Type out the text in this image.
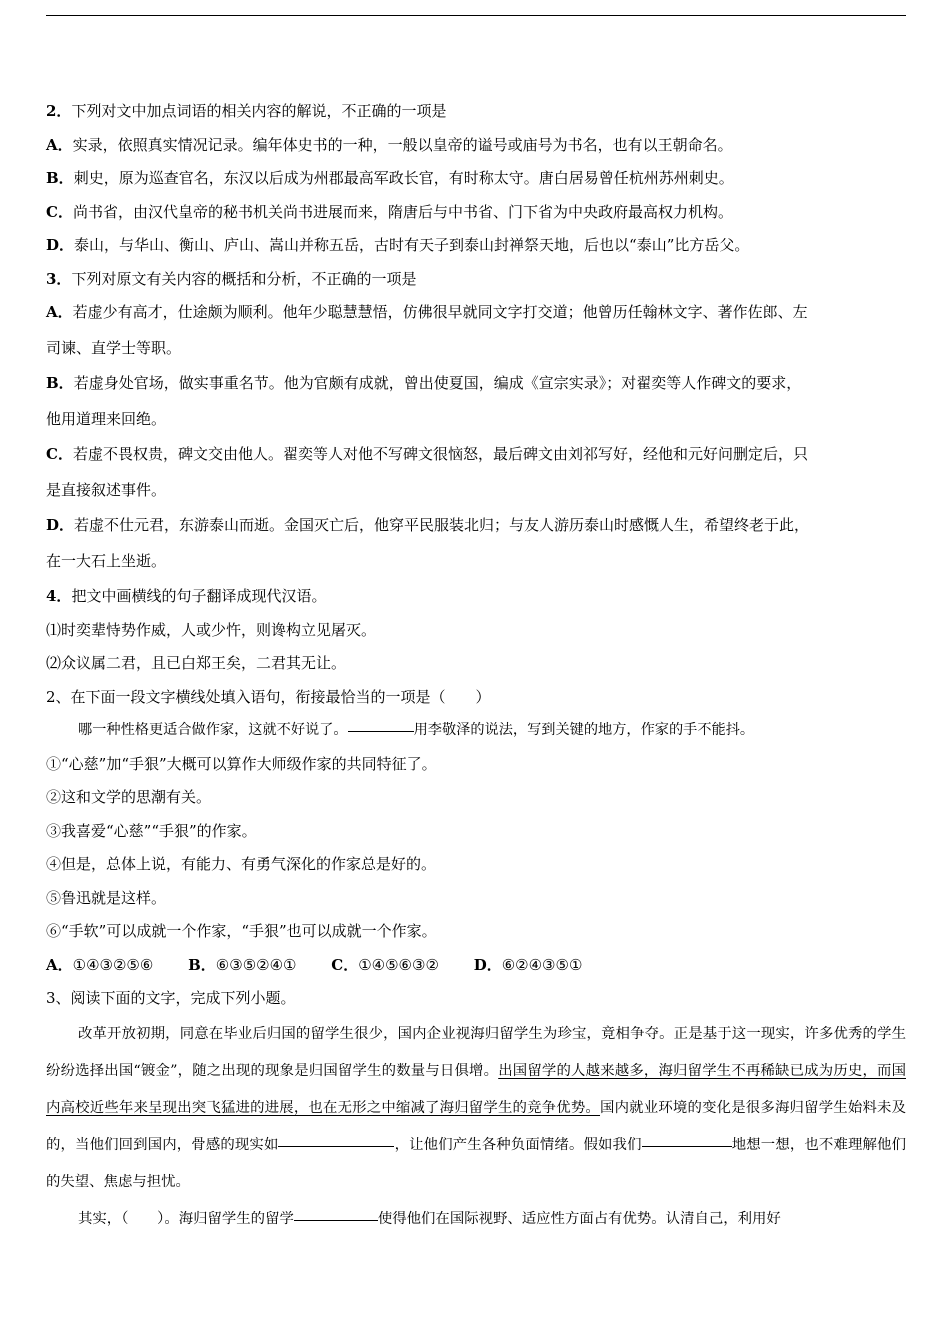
2．下列对文中加点词语的相关内容的解说，不正确的一项是
A．实录，依照真实情况记录。编年体史书的一种，一般以皇帝的谥号或庙号为书名，也有以王朝命名。
B．刺史，原为巡查官名，东汉以后成为州郡最高军政长官，有时称太守。唐白居易曾任杭州苏州刺史。
C．尚书省，由汉代皇帝的秘书机关尚书进展而来，隋唐后与中书省、门下省为中央政府最高权力机构。
D．泰山，与华山、衡山、庐山、嵩山并称五岳，古时有天子到泰山封禅祭天地，后也以“泰山”比方岳父。
3．下列对原文有关内容的概括和分析，不正确的一项是
A．若虚少有高才，仕途颇为顺利。他年少聪慧慧悟，仿佛很早就同文字打交道；他曾历任翰林文字、著作佐郎、左
司谏、直学士等职。
B．若虚身处官场，做实事重名节。他为官颇有成就，曾出使夏国，编成《宣宗实录》；对翟奕等人作碑文的要求，
他用道理来回绝。
C．若虚不畏权贵，碑文交由他人。翟奕等人对他不写碑文很恼怒，最后碑文由刘祁写好，经他和元好问删定后，只
是直接叙述事件。
D．若虚不仕元君，东游泰山而逝。金国灭亡后，他穿平民服装北归；与友人游历泰山时感慨人生，希望终老于此，
在一大石上坐逝。
4．把文中画横线的句子翻译成现代汉语。
⑴时奕辈恃势作威，人或少忤，则谗构立见屠灭。
⑵众议属二君，且已白郑王矣，二君其无让。
2、在下面一段文字横线处填入语句，衔接最恰当的一项是（　　）
哪一种性格更适合做作家，这就不好说了。	用李敬泽的说法，写到关键的地方，作家的手不能抖。
①“心慈”加“手狠”大概可以算作大师级作家的共同特征了。
②这和文学的思潮有关。
③我喜爱“心慈”“手狠”的作家。
④但是，总体上说，有能力、有勇气深化的作家总是好的。
⑤鲁迅就是这样。
⑥“手软”可以成就一个作家，“手狠”也可以成就一个作家。
A．①④③②⑤⑥ B．⑥③⑤②④① C．①④⑤⑥③② D．⑥②④③⑤①
3、阅读下面的文字，完成下列小题。
改革开放初期，同意在毕业后归国的留学生很少，国内企业视海归留学生为珍宝，竟相争夺。正是基于这一现实，许多优秀的学生纷纷选择出国“镀金”，随之出现的现象是归国留学生的数量与日俱增。出国留学的人越来越多，海归留学生不再稀缺已成为历史，而国内高校近些年来呈现出突飞猛进的进展，也在无形之中缩减了海归留学生的竞争优势。国内就业环境的变化是很多海归留学生始料未及的，当他们回到国内，骨感的现实如	，让他们产生各种负面情绪。假如我们	地想一想，也不难理解他们的失望、焦虑与担忧。
其实，（　　）。海归留学生的留学	使得他们在国际视野、适应性方面占有优势。认清自己，利用好
